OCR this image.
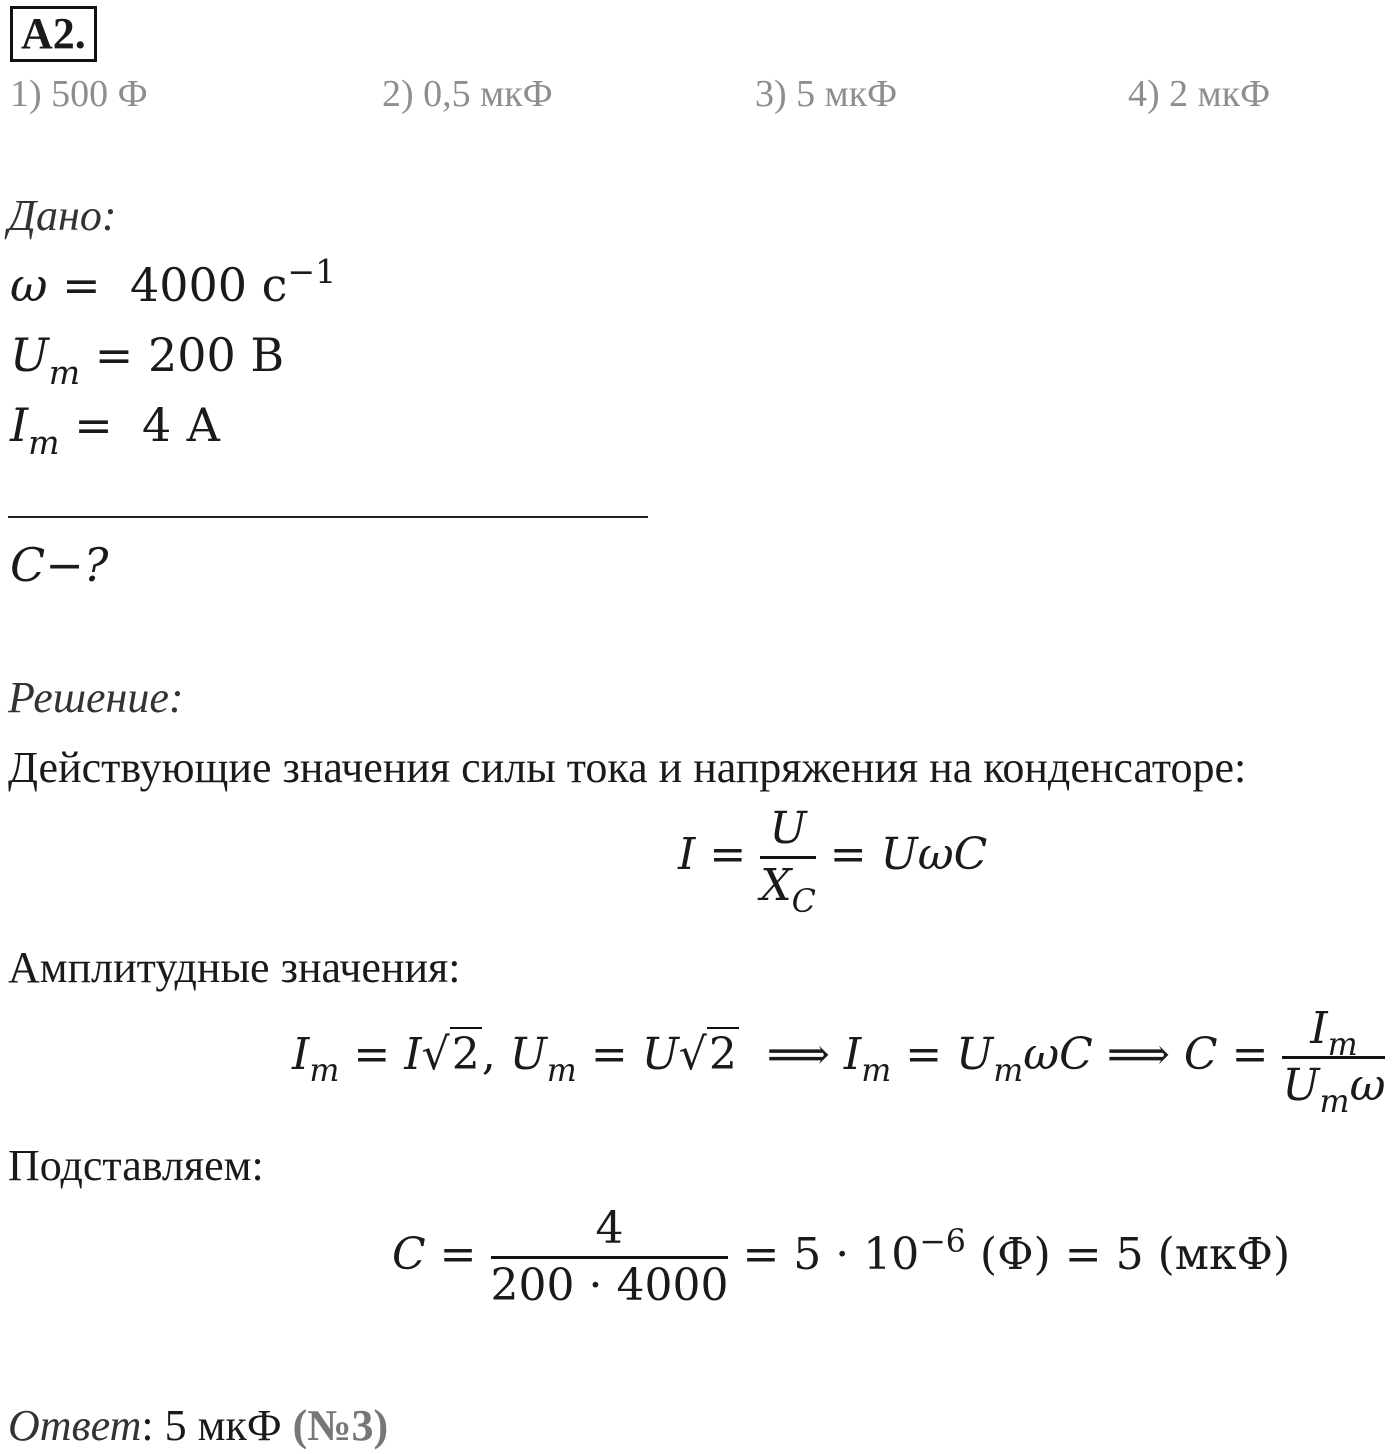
А2.
1) 500 Ф	2) 0,5 мкФ	3) 5 мкФ	4) 2 мкФ
Дано:
ω =  4000 $с^{-1}$
$U_m = 200$ В
$I_m = 4$ А
C−?
Решение:
Действующие значения силы тока и напряжения на конденсаторе:
$I = \frac{U}{X_C} = U\omega C$
Амплитудные значения:
$I_m = I√2$, $U_m = U√2$  ⟹ $I_m = U_m\omega C$ ⟹ $C = \frac{I_m}{U_m\omega}$
Подставляем:
$C = \frac{4}{200 \cdot 4000} = 5 \cdot 10^{-6}$ (Ф) = 5 (мкФ)
Ответ: 5 мкФ (№3)
